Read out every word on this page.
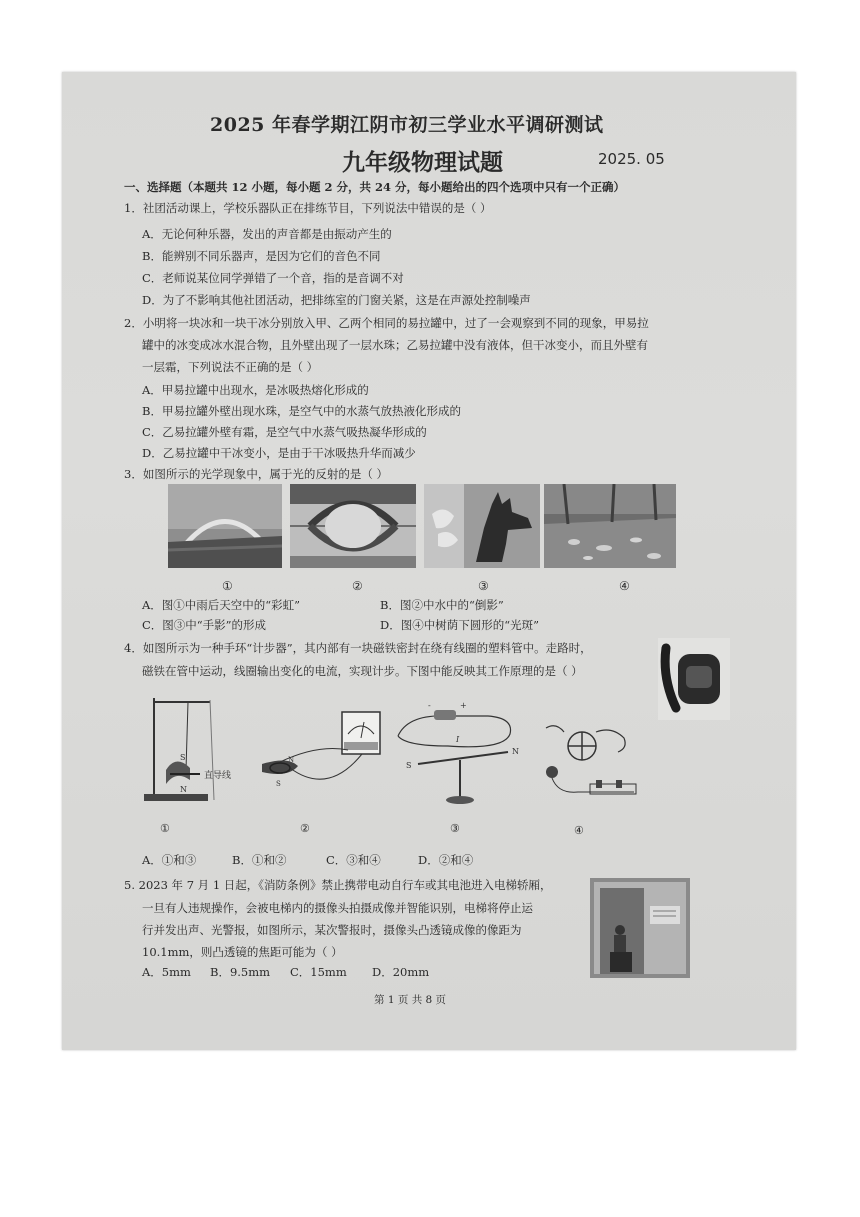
2025 年春学期江阴市初三学业水平调研测试
九年级物理试题	2025. 05
一、选择题（本题共 12 小题，每小题 2 分，共 24 分，每小题给出的四个选项中只有一个正确）
1．社团活动课上，学校乐器队正在排练节目，下列说法中错误的是（ ）
A．无论何种乐器，发出的声音都是由振动产生的
B．能辨别不同乐器声，是因为它们的音色不同
C．老师说某位同学弹错了一个音，指的是音调不对
D．为了不影响其他社团活动，把排练室的门窗关紧，这是在声源处控制噪声
2．小明将一块冰和一块干冰分别放入甲、乙两个相同的易拉罐中，过了一会观察到不同的现象，甲易拉
罐中的冰变成冰水混合物，且外壁出现了一层水珠；乙易拉罐中没有液体，但干冰变小，而且外壁有
一层霜，下列说法不正确的是（ ）
A．甲易拉罐中出现水，是冰吸热熔化形成的
B．甲易拉罐外壁出现水珠，是空气中的水蒸气放热液化形成的
C．乙易拉罐外壁有霜，是空气中水蒸气吸热凝华形成的
D．乙易拉罐中干冰变小，是由于干冰吸热升华而减少
3．如图所示的光学现象中，属于光的反射的是（ ）
①	②	③	④
A．图①中雨后天空中的“彩虹”	B．图②中水中的“倒影”
C．图③中“手影”的形成	D．图④中树荫下圆形的“光斑”
4．如图所示为一种手环“计步器”，其内部有一块磁铁密封在绕有线圈的塑料管中。走路时，
磁铁在管中运动，线圈输出变化的电流，实现计步。下图中能反映其工作原理的是（ ）
S
N
直导线
N
S
-	+
I
S
N
①	②	③	④
A．①和③	B．①和②	C．③和④	D．②和④
5. 2023 年 7 月 1 日起，《消防条例》禁止携带电动自行车或其电池进入电梯轿厢，
一旦有人违规操作，会被电梯内的摄像头拍摄成像并智能识别，电梯将停止运
行并发出声、光警报，如图所示，某次警报时，摄像头凸透镜成像的像距为
10.1mm，则凸透镜的焦距可能为（ ）
A．5mm B．9.5mm C．15mm D．20mm
第 1 页 共 8 页
